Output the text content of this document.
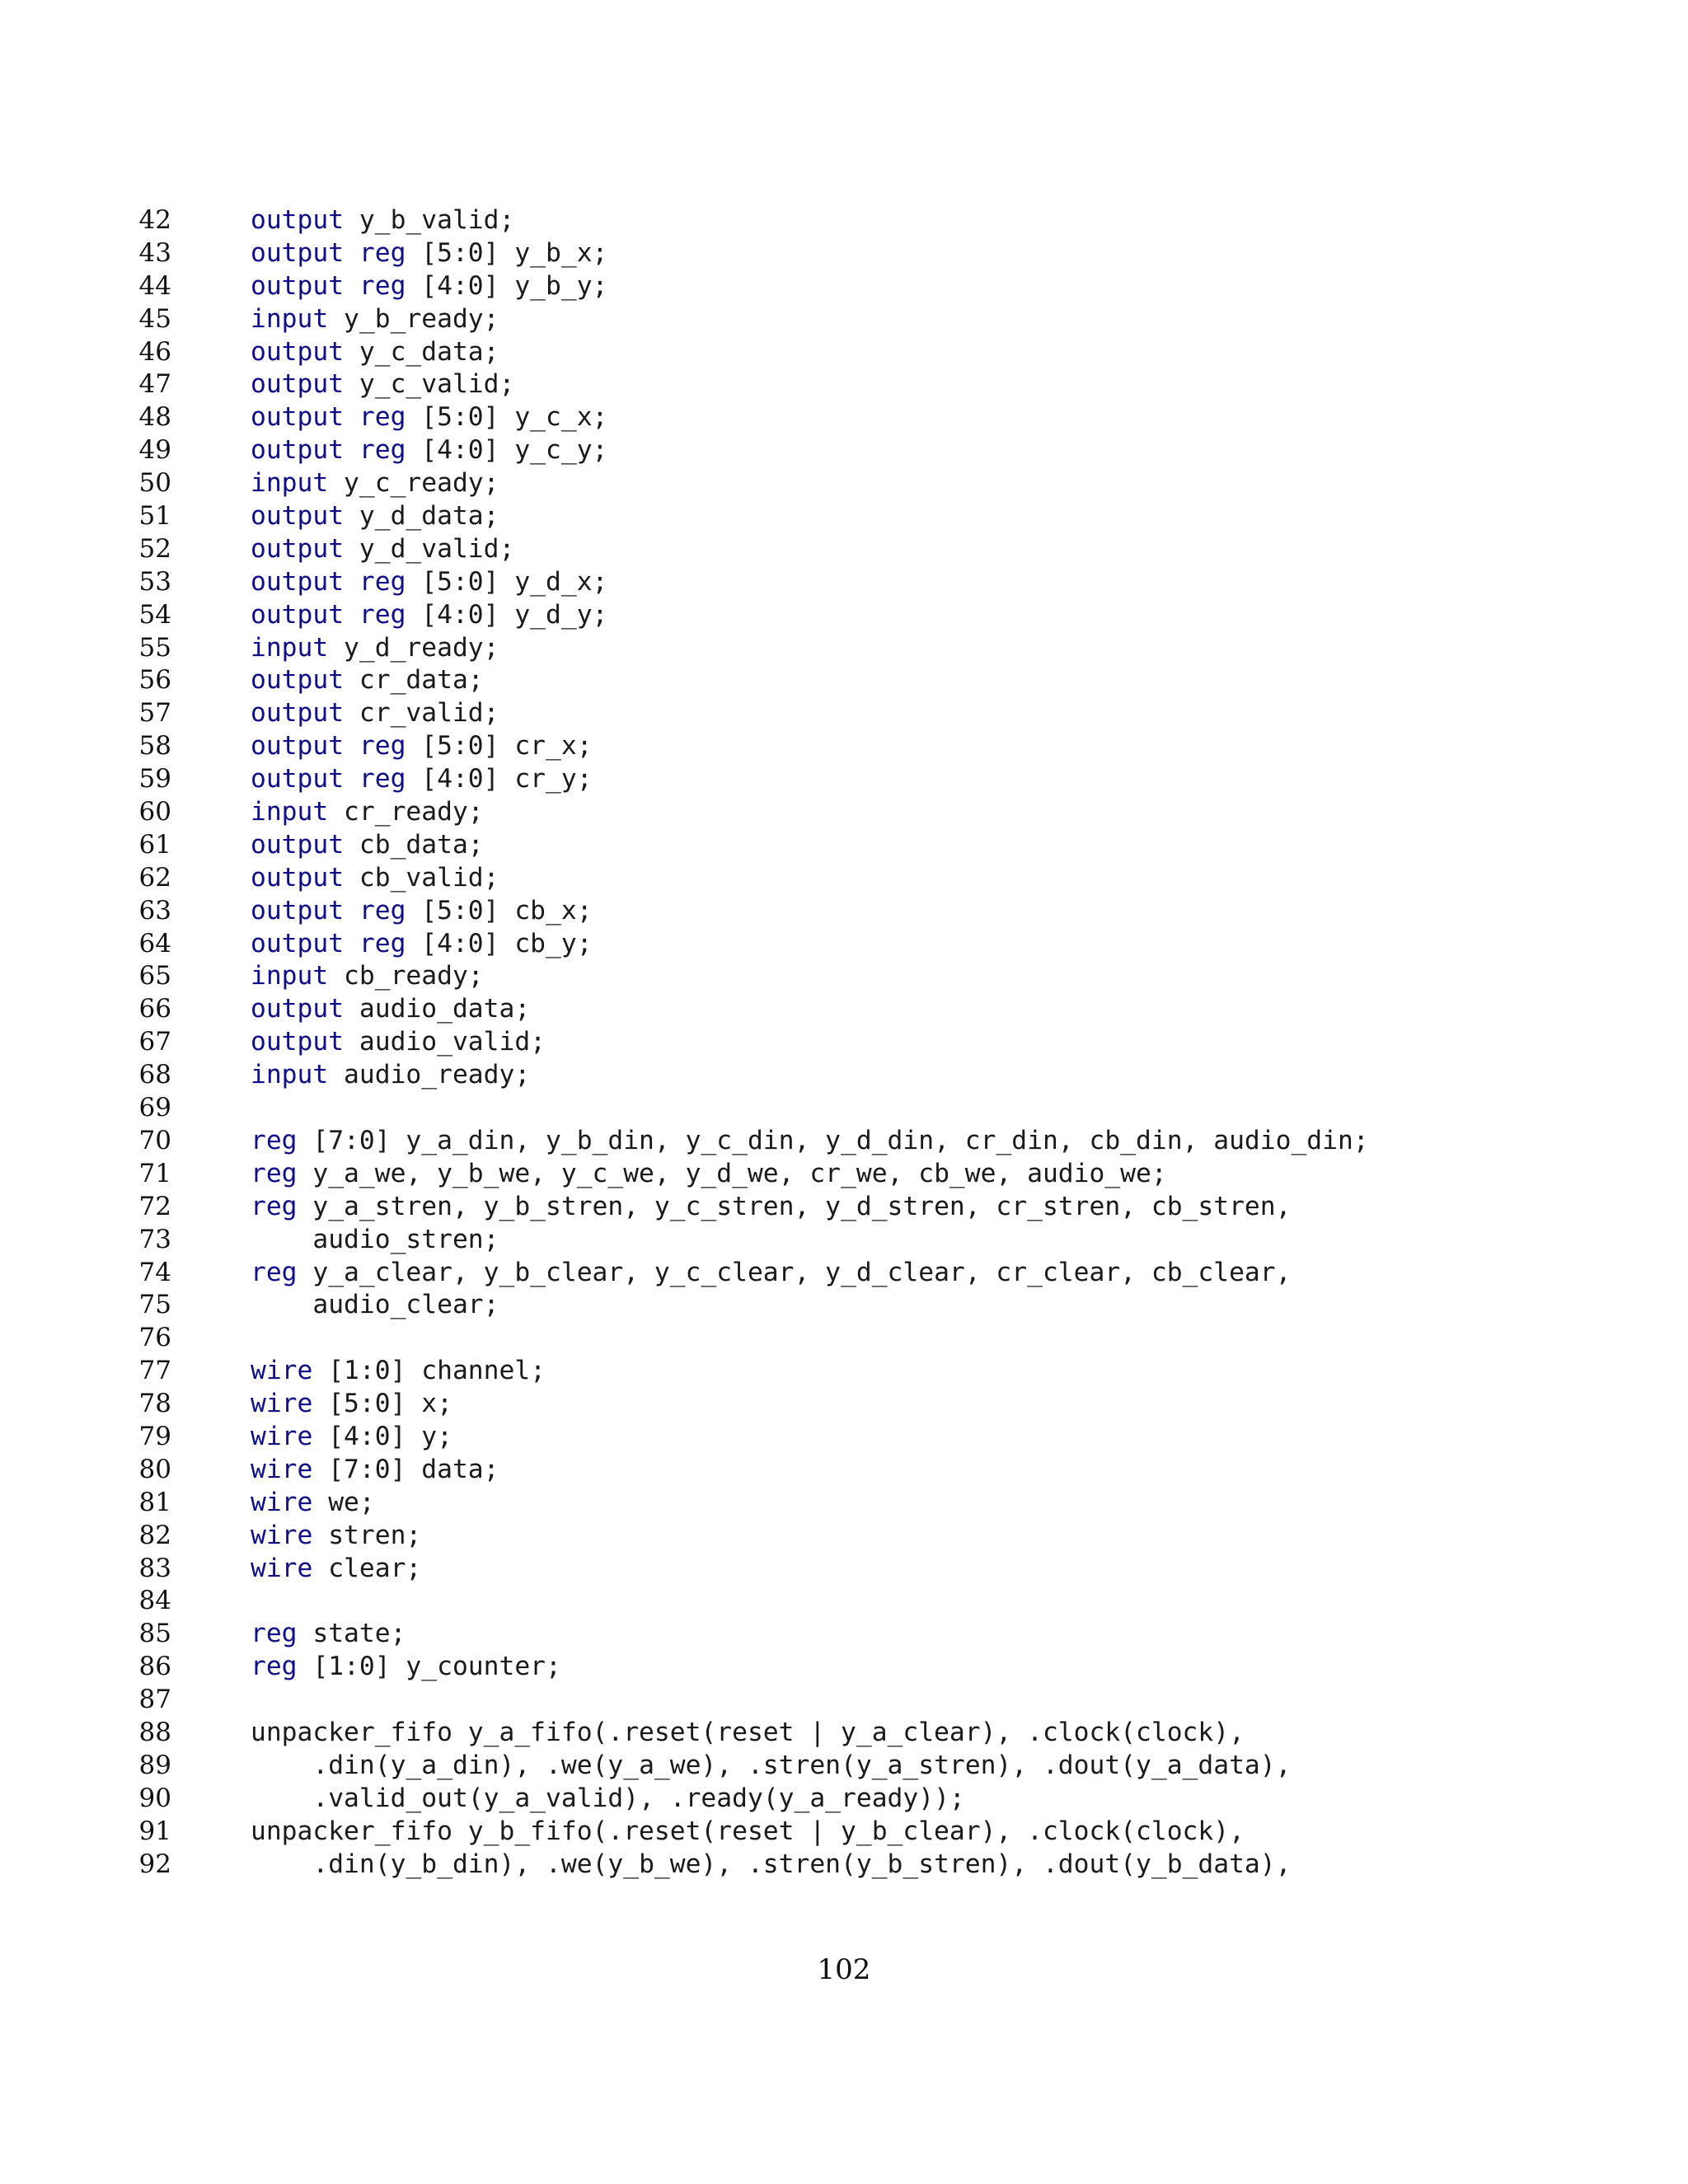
42	output y_b_valid;
43	output reg [5:0] y_b_x;
44	output reg [4:0] y_b_y;
45	input y_b_ready;
46	output y_c_data;
47	output y_c_valid;
48	output reg [5:0] y_c_x;
49	output reg [4:0] y_c_y;
50	input y_c_ready;
51	output y_d_data;
52	output y_d_valid;
53	output reg [5:0] y_d_x;
54	output reg [4:0] y_d_y;
55	input y_d_ready;
56	output cr_data;
57	output cr_valid;
58	output reg [5:0] cr_x;
59	output reg [4:0] cr_y;
60	input cr_ready;
61	output cb_data;
62	output cb_valid;
63	output reg [5:0] cb_x;
64	output reg [4:0] cb_y;
65	input cb_ready;
66	output audio_data;
67	output audio_valid;
68	input audio_ready;
69
70	reg [7:0] y_a_din, y_b_din, y_c_din, y_d_din, cr_din, cb_din, audio_din;
71	reg y_a_we, y_b_we, y_c_we, y_d_we, cr_we, cb_we, audio_we;
72	reg y_a_stren, y_b_stren, y_c_stren, y_d_stren, cr_stren, cb_stren,
73	audio_stren;
74	reg y_a_clear, y_b_clear, y_c_clear, y_d_clear, cr_clear, cb_clear,
75	audio_clear;
76
77	wire [1:0] channel;
78	wire [5:0] x;
79	wire [4:0] y;
80	wire [7:0] data;
81	wire we;
82	wire stren;
83	wire clear;
84
85	reg state;
86	reg [1:0] y_counter;
87
88	unpacker_fifo y_a_fifo(.reset(reset | y_a_clear), .clock(clock),
89	.din(y_a_din), .we(y_a_we), .stren(y_a_stren), .dout(y_a_data),
90	.valid_out(y_a_valid), .ready(y_a_ready));
91	unpacker_fifo y_b_fifo(.reset(reset | y_b_clear), .clock(clock),
92	.din(y_b_din), .we(y_b_we), .stren(y_b_stren), .dout(y_b_data),
102
